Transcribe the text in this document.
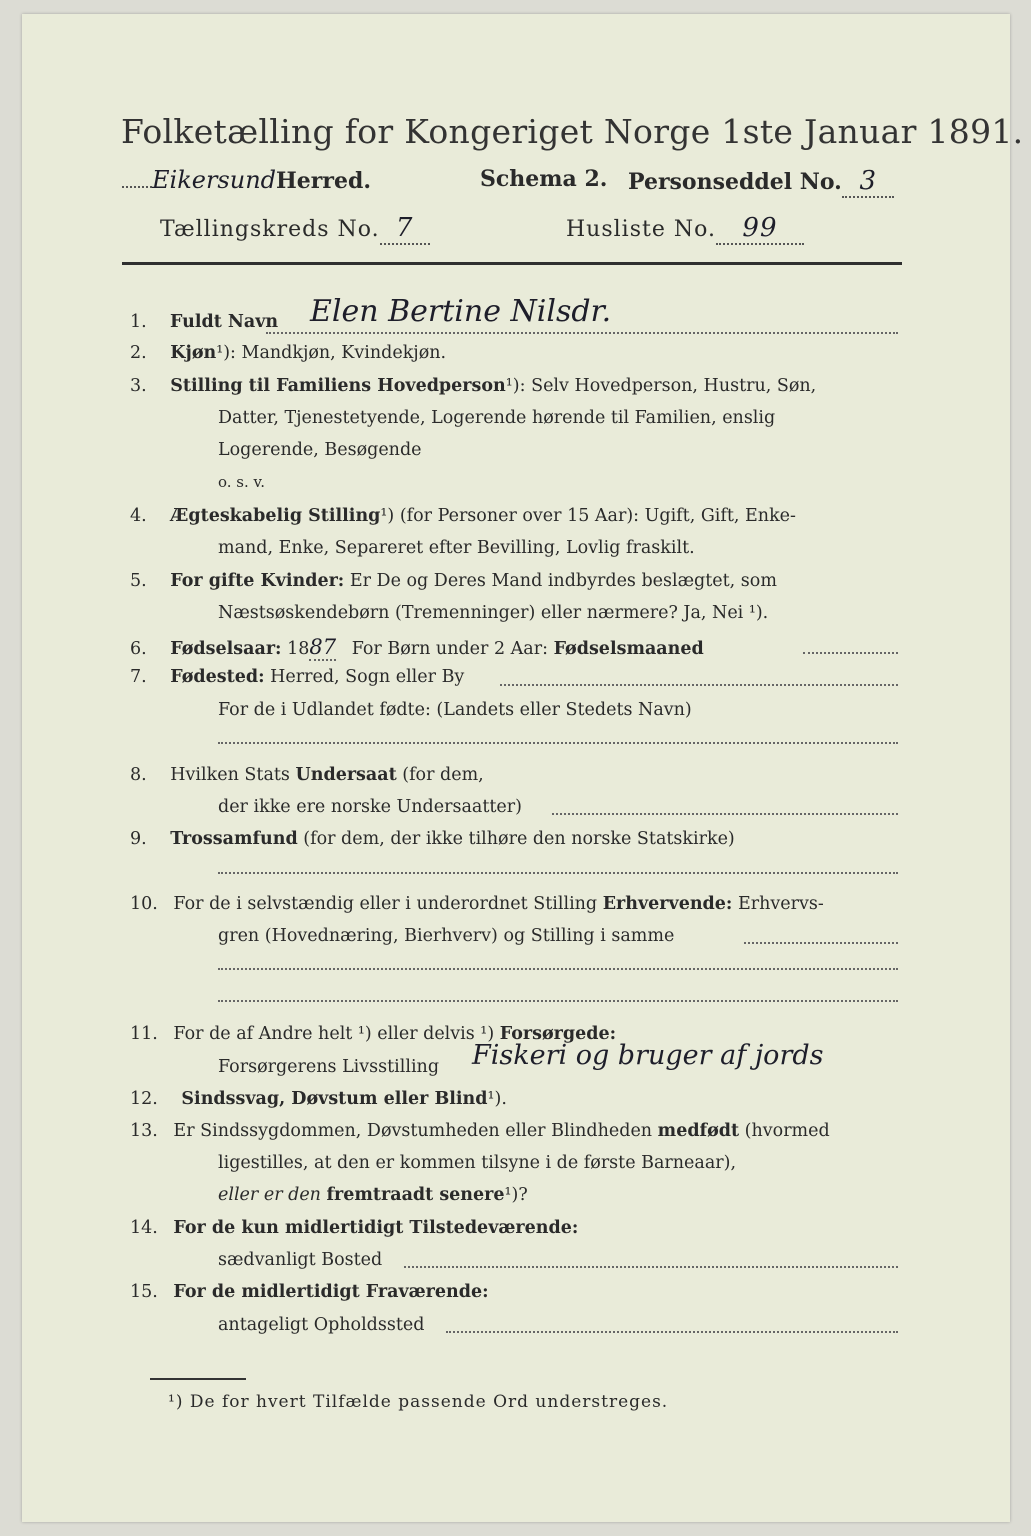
Folketælling for Kongeriget Norge 1ste Januar 1891.
EikersundHerred.	Schema 2. Personseddel No. 3
Tællingskreds No. 7	Husliste No. 99
1.	Fuldt Navn Elen Bertine Nilsdr.
2. Kjøn¹): Mandkjøn, Kvindekjøn.
3. Stilling til Familiens Hovedperson¹): Selv Hovedperson, Hustru, Søn,
Datter, Tjenestetyende, Logerende hørende til Familien, enslig
Logerende, Besøgende
o. s. v.
4. Ægteskabelig Stilling¹) (for Personer over 15 Aar): Ugift, Gift, Enke-
mand, Enke, Separeret efter Bevilling, Lovlig fraskilt.
5. For gifte Kvinder: Er De og Deres Mand indbyrdes beslægtet, som
Næstsøskendebørn (Tremenninger) eller nærmere? Ja, Nei ¹).
6. Fødselsaar: 1887 For Børn under 2 Aar: Fødselsmaaned
7. Fødested: Herred, Sogn eller By
For de i Udlandet fødte: (Landets eller Stedets Navn)
8. Hvilken Stats Undersaat (for dem,
der ikke ere norske Undersaatter)
9. Trossamfund (for dem, der ikke tilhøre den norske Statskirke)
10. For de i selvstændig eller i underordnet Stilling Erhvervende: Erhvervs-
gren (Hovednæring, Bierhverv) og Stilling i samme
11. For de af Andre helt ¹) eller delvis ¹) Forsørgede:
Forsørgerens Livsstilling Fiskeri og bruger af jords
12. Sindssvag, Døvstum eller Blind¹).
13. Er Sindssygdommen, Døvstumheden eller Blindheden medfødt (hvormed
ligestilles, at den er kommen tilsyne i de første Barneaar),
eller er den fremtraadt senere¹)?
14. For de kun midlertidigt Tilstedeværende:
sædvanligt Bosted
15. For de midlertidigt Fraværende:
antageligt Opholdssted
¹) De for hvert Tilfælde passende Ord understreges.
